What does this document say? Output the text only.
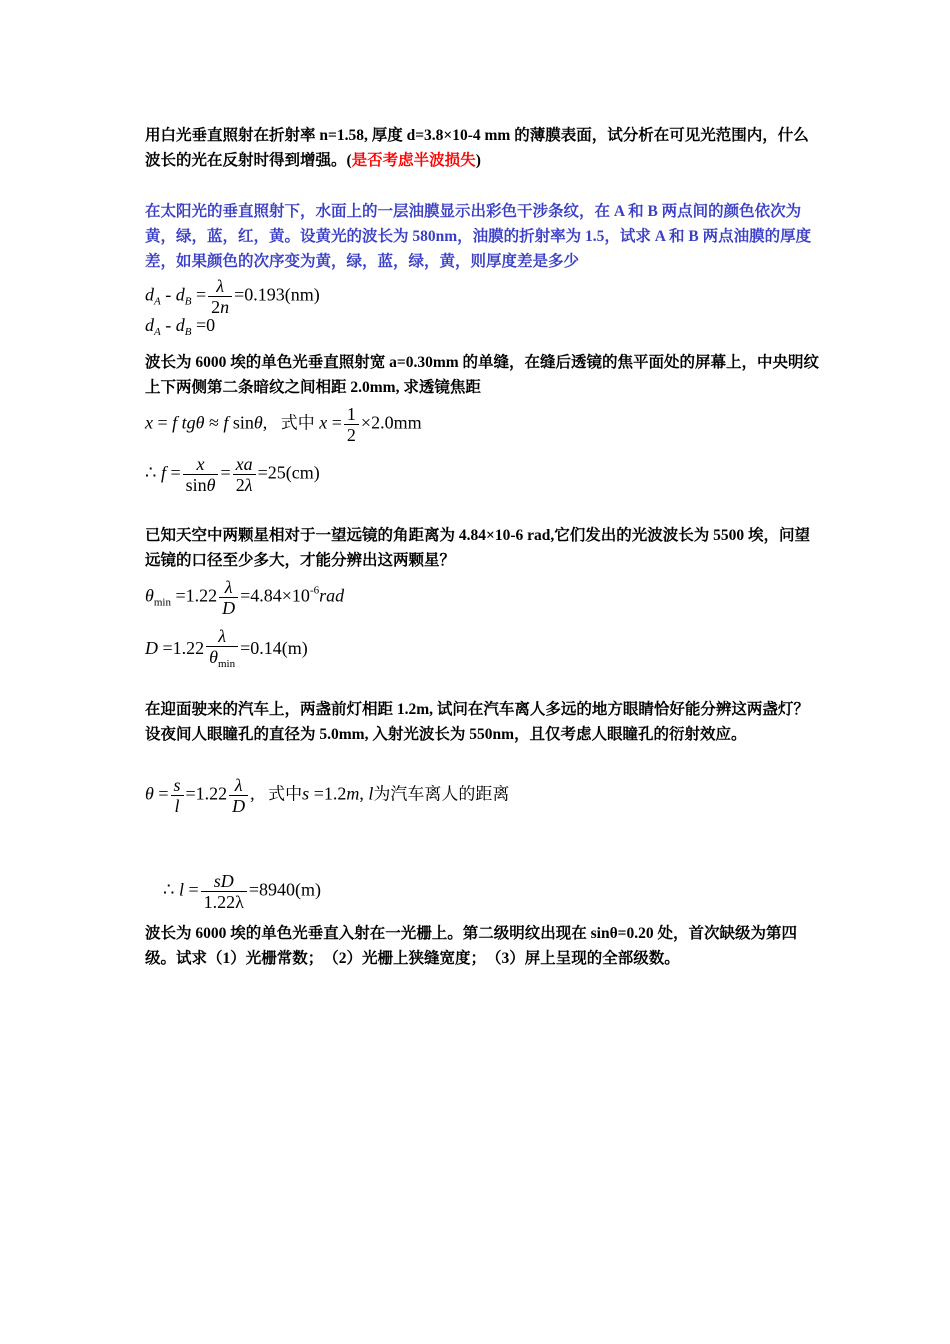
用白光垂直照射在折射率 n=1.58, 厚度 d=3.8×10-4 mm 的薄膜表面，试分析在可见光范围内，什么波长的光在反射时得到增强。(是否考虑半波损失)

在太阳光的垂直照射下，水面上的一层油膜显示出彩色干涉条纹，在 A 和 B 两点间的颜色依次为黄，绿，蓝，红，黄。设黄光的波长为 580nm，油膜的折射率为 1.5，试求 A 和 B 两点油膜的厚度差，如果颜色的次序变为黄，绿，蓝，绿，黄，则厚度差是多少

$d_A - d_B = \frac{\lambda}{2n} =0.193(nm)$
$d_A - d_B =0$

波长为 6000 埃的单色光垂直照射宽 a=0.30mm 的单缝，在缝后透镜的焦平面处的屏幕上，中央明纹上下两侧第二条暗纹之间相距 2.0mm, 求透镜焦距

x = f tgθ ≈ f sinθ,   式中 $x = \frac{1}{2} \times 2.0mm$
∴ $f = \frac{x}{\sin\theta} = \frac{xa}{2\lambda} =25(cm)$

已知天空中两颗星相对于一望远镜的角距离为 4.84×10-6 rad,它们发出的光波波长为 5500 埃，问望远镜的口径至少多大，才能分辨出这两颗星？

$\theta_{min} =1.22 \frac{\lambda}{D} =4.84\times 10^{-6}rad$
$D =1.22 \frac{\lambda}{\theta_{min}} =0.14(m)$

在迎面驶来的汽车上，两盏前灯相距 1.2m, 试问在汽车离人多远的地方眼睛恰好能分辨这两盏灯？设夜间人眼瞳孔的直径为 5.0mm, 入射光波长为 550nm，且仅考虑人眼瞳孔的衍射效应。

$\theta = \frac{s}{l} =1.22 \frac{\lambda}{D}$ ,   式中s =1.2m, l为汽车离人的距离
∴ $l = \frac{sD}{1.22\lambda} =8940(m)$

波长为 6000 埃的单色光垂直入射在一光栅上。第二级明纹出现在 sinθ=0.20 处，首次缺级为第四级。试求（1）光栅常数；　（2）光栅上狭缝宽度；　（3）屏上呈现的全部级数。
